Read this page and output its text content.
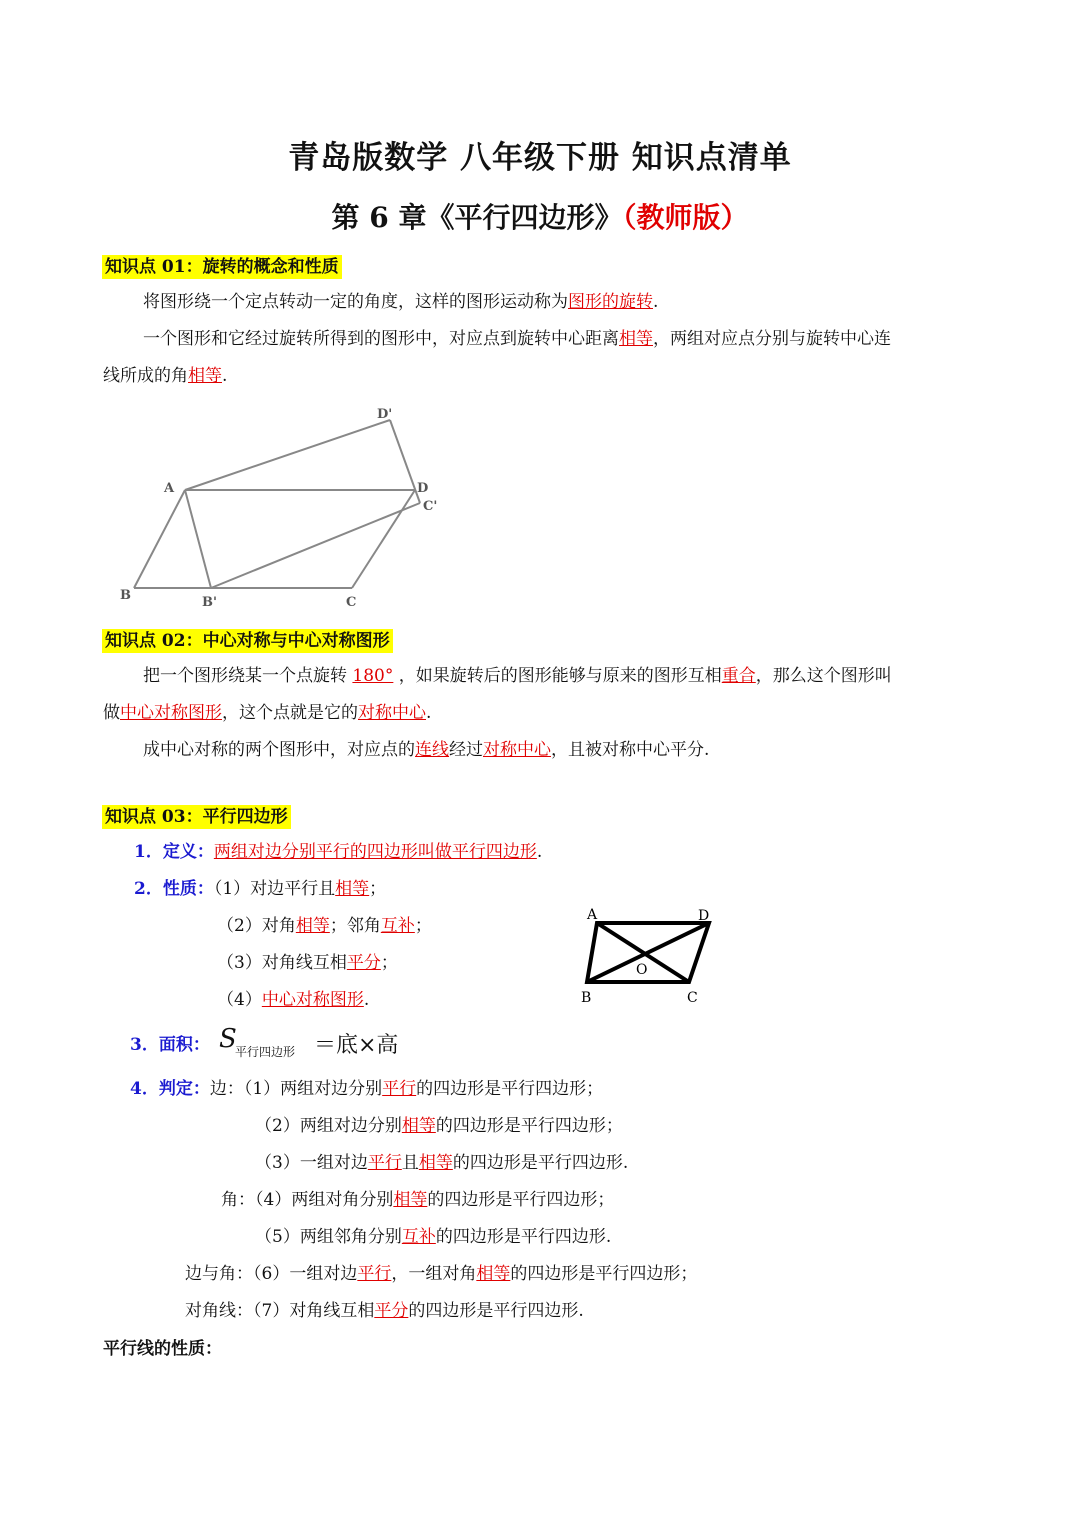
青岛版数学 八年级下册 知识点清单
第 6 章《平行四边形》（教师版）
知识点 01：旋转的概念和性质
将图形绕一个定点转动一定的角度，这样的图形运动称为图形的旋转.
一个图形和它经过旋转所得到的图形中，对应点到旋转中心距离相等，两组对应点分别与旋转中心连
线所成的角相等.
A
B	B'	C
D
C'
D'
知识点 02：中心对称与中心对称图形
把一个图形绕某一个点旋转 180° ，如果旋转后的图形能够与原来的图形互相重合，那么这个图形叫
做中心对称图形，这个点就是它的对称中心.
成中心对称的两个图形中，对应点的连线经过对称中心，且被对称中心平分.
知识点 03：平行四边形
1．定义：两组对边分别平行的四边形叫做平行四边形.
2．性质：（1）对边平行且相等；
（2）对角相等；邻角互补；
（3）对角线互相平分；
（4）中心对称图形.
A	D
B	C
O
3．面积： S
平行四边形 ＝底×高
4．判定：边：（1）两组对边分别平行的四边形是平行四边形；
（2）两组对边分别相等的四边形是平行四边形；
（3）一组对边平行且相等的四边形是平行四边形.
角：（4）两组对角分别相等的四边形是平行四边形；
（5）两组邻角分别互补的四边形是平行四边形.
边与角：（6）一组对边平行，一组对角相等的四边形是平行四边形；
对角线：（7）对角线互相平分的四边形是平行四边形.
平行线的性质：
